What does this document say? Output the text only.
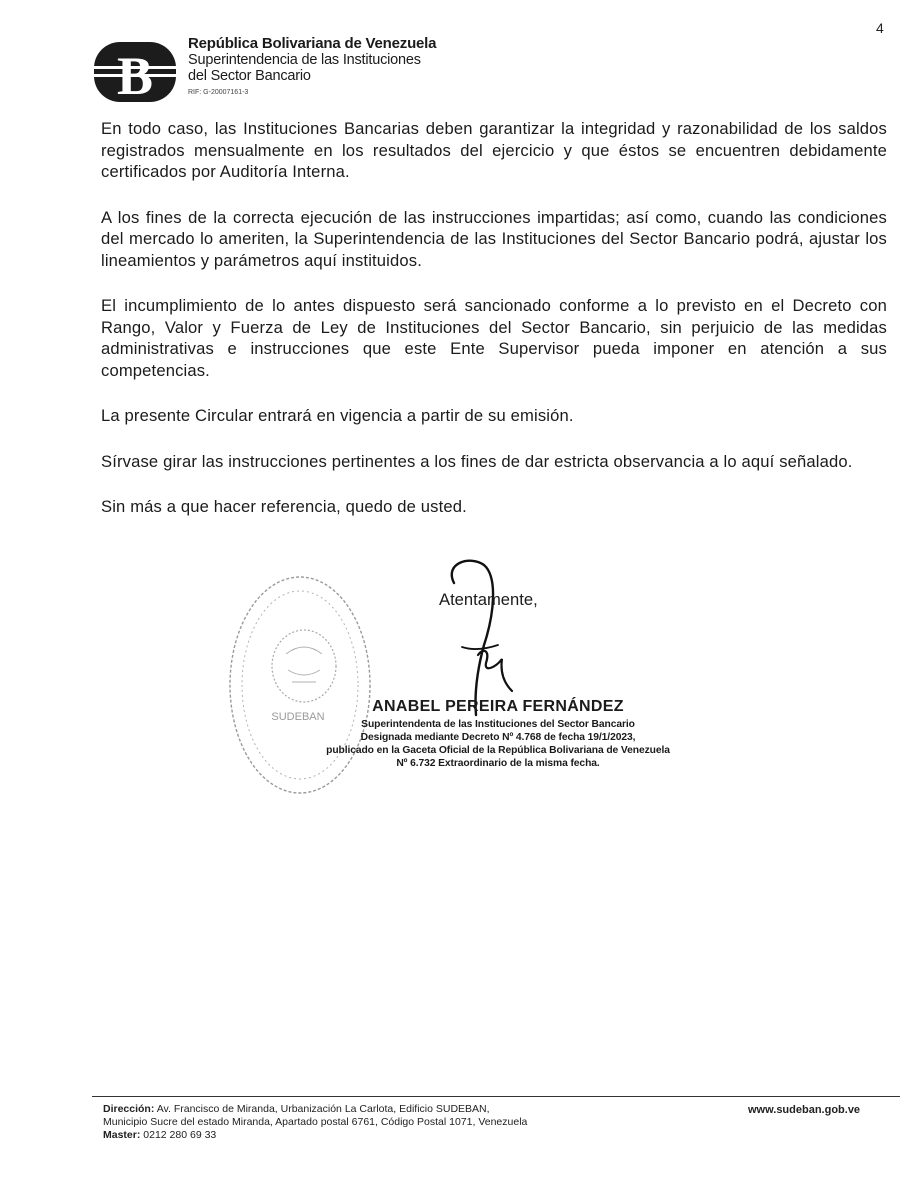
4
B
República Bolivariana de Venezuela
Superintendencia de las Instituciones
del Sector Bancario
RIF: G-20007161-3

En todo caso, las Instituciones Bancarias deben garantizar la integridad y razonabilidad de los saldos registrados mensualmente en los resultados del ejercicio y que éstos se encuentren debidamente certificados por Auditoría Interna.

A los fines de la correcta ejecución de las instrucciones impartidas; así como, cuando las condiciones del mercado lo ameriten, la Superintendencia de las Instituciones del Sector Bancario podrá, ajustar los lineamientos y parámetros aquí instituidos.

El incumplimiento de lo antes dispuesto será sancionado conforme a lo previsto en el Decreto con Rango, Valor y Fuerza de Ley de Instituciones del Sector Bancario, sin perjuicio de las medidas administrativas e instrucciones que este Ente Supervisor pueda imponer en atención a sus competencias.

La presente Circular entrará en vigencia a partir de su emisión.

Sírvase girar las instrucciones pertinentes a los fines de dar estricta observancia a lo aquí señalado.

Sin más a que hacer referencia, quedo de usted.

SUDEBAN
Atentamente,
ANABEL PEREIRA FERNÁNDEZ
Superintendenta de las Instituciones del Sector Bancario
Designada mediante Decreto Nº 4.768 de fecha 19/1/2023,
publicado en la Gaceta Oficial de la República Bolivariana de Venezuela
Nº 6.732 Extraordinario de la misma fecha.
Dirección: Av. Francisco de Miranda, Urbanización La Carlota, Edificio SUDEBAN,
Municipio Sucre del estado Miranda, Apartado postal 6761, Código Postal 1071, Venezuela
Master: 0212 280 69 33
www.sudeban.gob.ve
